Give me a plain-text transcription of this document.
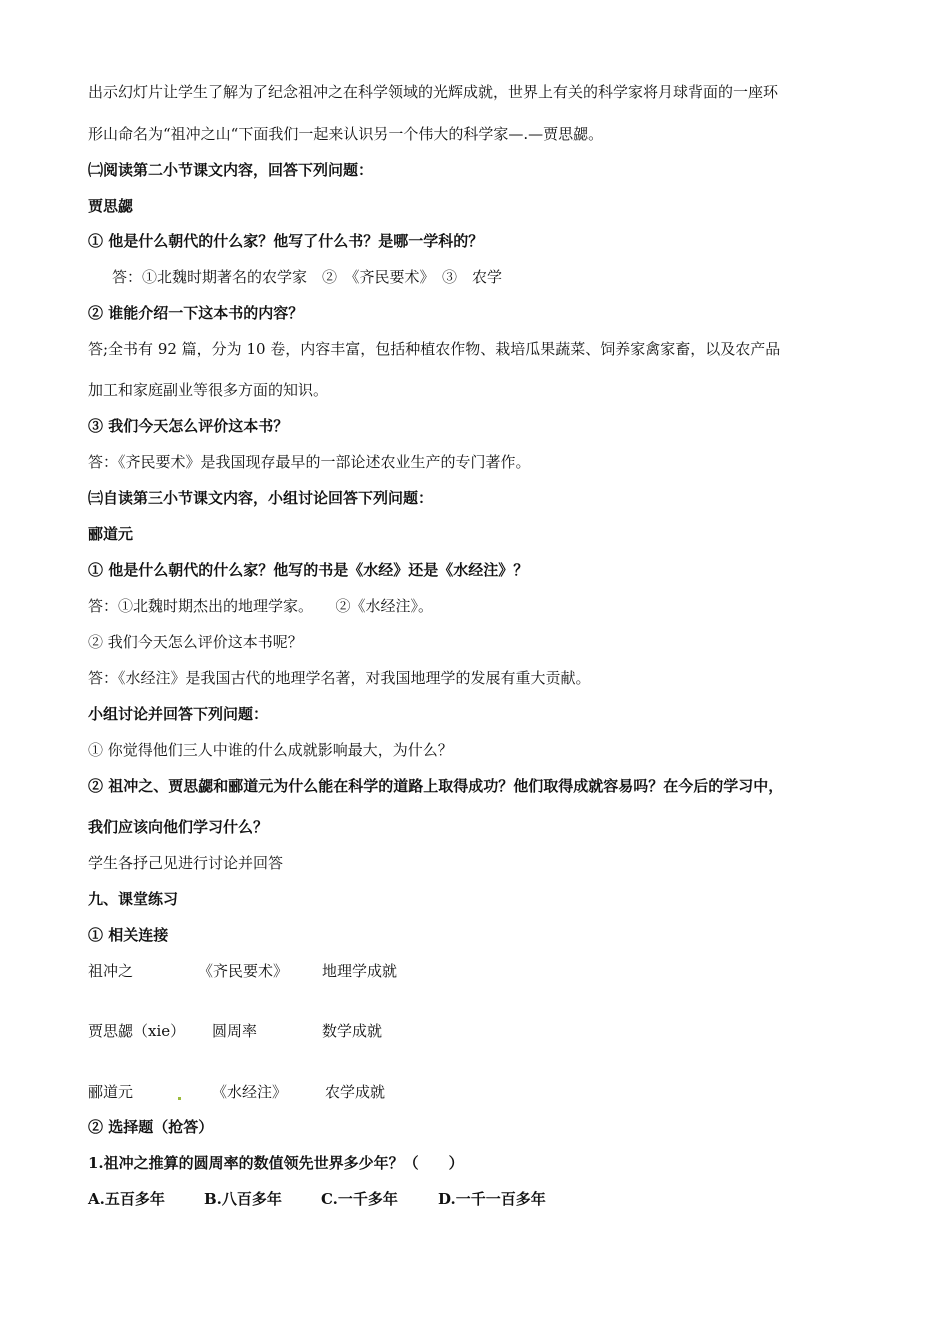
出示幻灯片让学生了解为了纪念祖冲之在科学领域的光辉成就，世界上有关的科学家将月球背面的一座环
形山命名为“祖冲之山“下面我们一起来认识另一个伟大的科学家—.—贾思勰。
㈡阅读第二小节课文内容，回答下列问题：
贾思勰
① 他是什么朝代的什么家？他写了什么书？是哪一学科的？
答：①北魏时期著名的农学家　②　《齐民要术》　③　农学
② 谁能介绍一下这本书的内容？
答;全书有 92 篇，分为 10 卷，内容丰富，包括种植农作物、栽培瓜果蔬菜、饲养家禽家畜，以及农产品
加工和家庭副业等很多方面的知识。
③ 我们今天怎么评价这本书？
答：《齐民要术》是我国现存最早的一部论述农业生产的专门著作。
㈢自读第三小节课文内容，小组讨论回答下列问题：
郦道元
① 他是什么朝代的什么家？他写的书是《水经》还是《水经注》？
答：①北魏时期杰出的地理学家。　　②《水经注》。
② 我们今天怎么评价这本书呢？
答：《水经注》是我国古代的地理学名著，对我国地理学的发展有重大贡献。
小组讨论并回答下列问题：
① 你觉得他们三人中谁的什么成就影响最大，为什么？
② 祖冲之、贾思勰和郦道元为什么能在科学的道路上取得成功？他们取得成就容易吗？在今后的学习中，
我们应该向他们学习什么？
学生各抒己见进行讨论并回答
九、课堂练习
① 相关连接
祖冲之	《齐民要术》 地理学成就
贾思勰（xie） 圆周率	数学成就
郦道元	《水经注》	农学成就
② 选择题（抢答）
1.祖冲之推算的圆周率的数值领先世界多少年？（　　）
A.五百多年	B.八百多年	C.一千多年	D.一千一百多年
